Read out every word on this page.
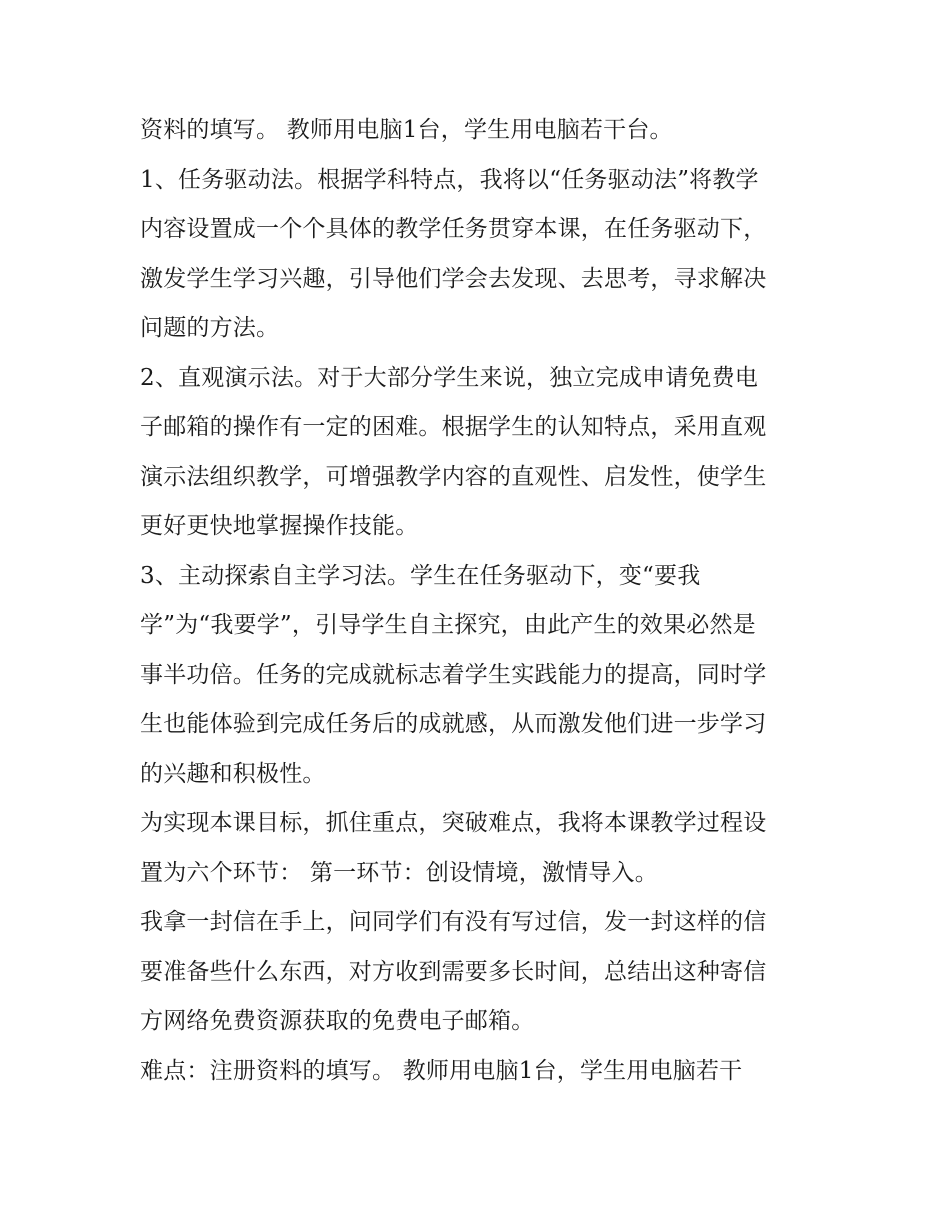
资料的填写。 教师用电脑1台，学生用电脑若干台。
1、任务驱动法。根据学科特点，我将以“任务驱动法”将教学
内容设置成一个个具体的教学任务贯穿本课，在任务驱动下，
激发学生学习兴趣，引导他们学会去发现、去思考，寻求解决
问题的方法。
2、直观演示法。对于大部分学生来说，独立完成申请免费电
子邮箱的操作有一定的困难。根据学生的认知特点，采用直观
演示法组织教学，可增强教学内容的直观性、启发性，使学生
更好更快地掌握操作技能。
3、主动探索自主学习法。学生在任务驱动下，变“要我
学”为“我要学”，引导学生自主探究，由此产生的效果必然是
事半功倍。任务的完成就标志着学生实践能力的提高，同时学
生也能体验到完成任务后的成就感，从而激发他们进一步学习
的兴趣和积极性。
为实现本课目标，抓住重点，突破难点，我将本课教学过程设
置为六个环节： 第一环节：创设情境，激情导入。
我拿一封信在手上，问同学们有没有写过信，发一封这样的信
要准备些什么东西，对方收到需要多长时间，总结出这种寄信
方网络免费资源获取的免费电子邮箱。
难点：注册资料的填写。 教师用电脑1台，学生用电脑若干
